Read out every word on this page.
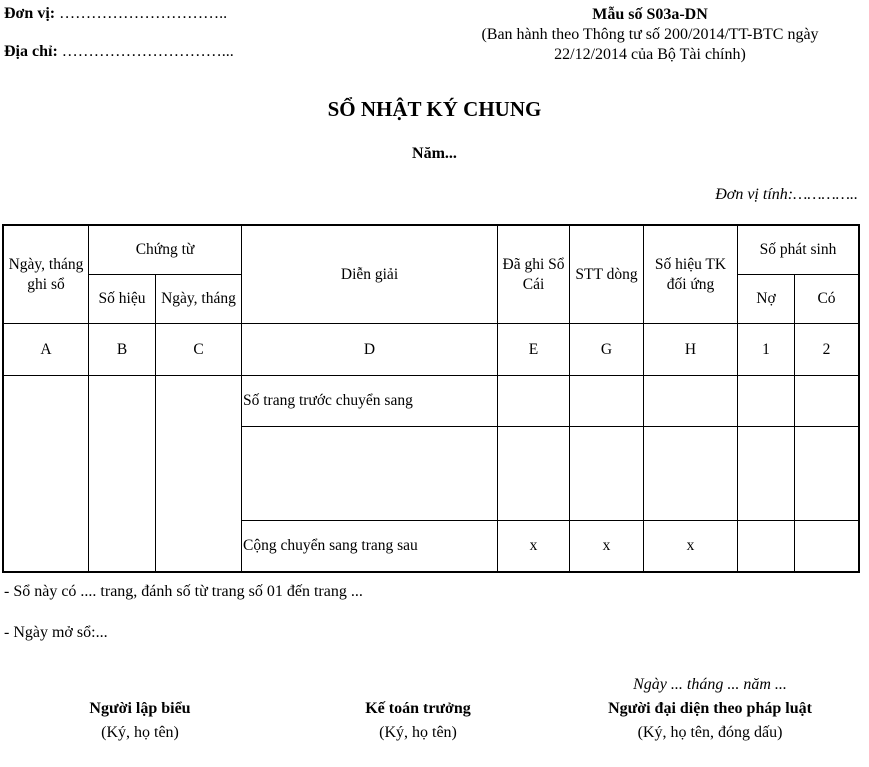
Đơn vị: …………………………..
Địa chỉ: …………………………...
Mẫu số S03a-DN
(Ban hành theo Thông tư số 200/2014/TT-BTC ngày
22/12/2014 của Bộ Tài chính)
SỔ NHẬT KÝ CHUNG
Năm...
Đơn vị tính:…………..
Ngày, tháng ghi sổ	Chứng từ		Diễn giải	Đã ghi Sổ Cái	STT dòng	Số hiệu TK đối ứng	Số phát sinh	
	Số hiệu	Ngày, tháng					Nợ	Có
A	B	C	D	E	G	H	1	2
			Số trang trước chuyển sang					

			Cộng chuyển sang trang sau	x	x	x		
- Sổ này có .... trang, đánh số từ trang số 01 đến trang ...
- Ngày mở sổ:...
Người lập biểu
(Ký, họ tên)
Kế toán trưởng
(Ký, họ tên)
Ngày ... tháng ... năm ...
Người đại diện theo pháp luật
(Ký, họ tên, đóng dấu)
